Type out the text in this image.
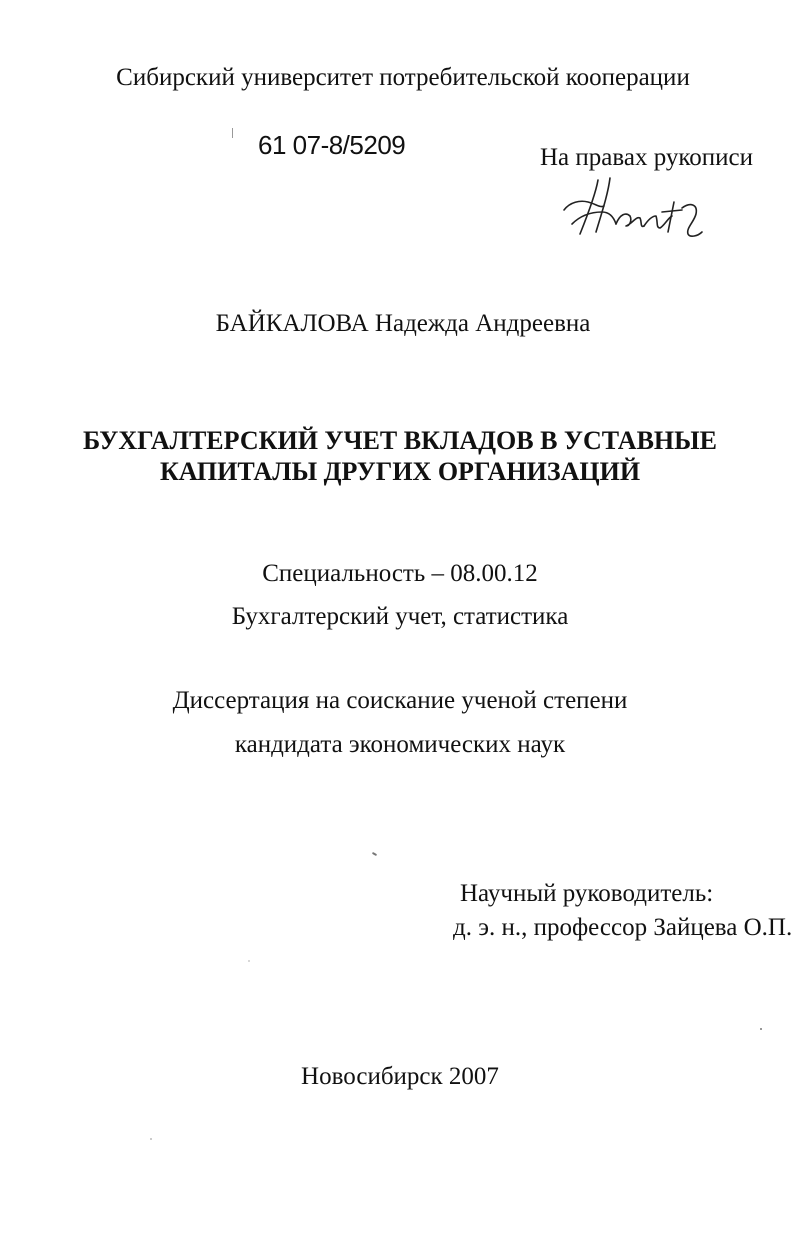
Сибирский университет потребительской кооперации
61 07-8/5209	На правах рукописи
БАЙКАЛОВА Надежда Андреевна
БУХГАЛТЕРСКИЙ УЧЕТ ВКЛАДОВ В УСТАВНЫЕ
КАПИТАЛЫ ДРУГИХ ОРГАНИЗАЦИЙ
Специальность – 08.00.12
Бухгалтерский учет, статистика
Диссертация на соискание ученой степени
кандидата экономических наук
Научный руководитель:
д. э. н., профессор Зайцева О.П.
Новосибирск 2007
